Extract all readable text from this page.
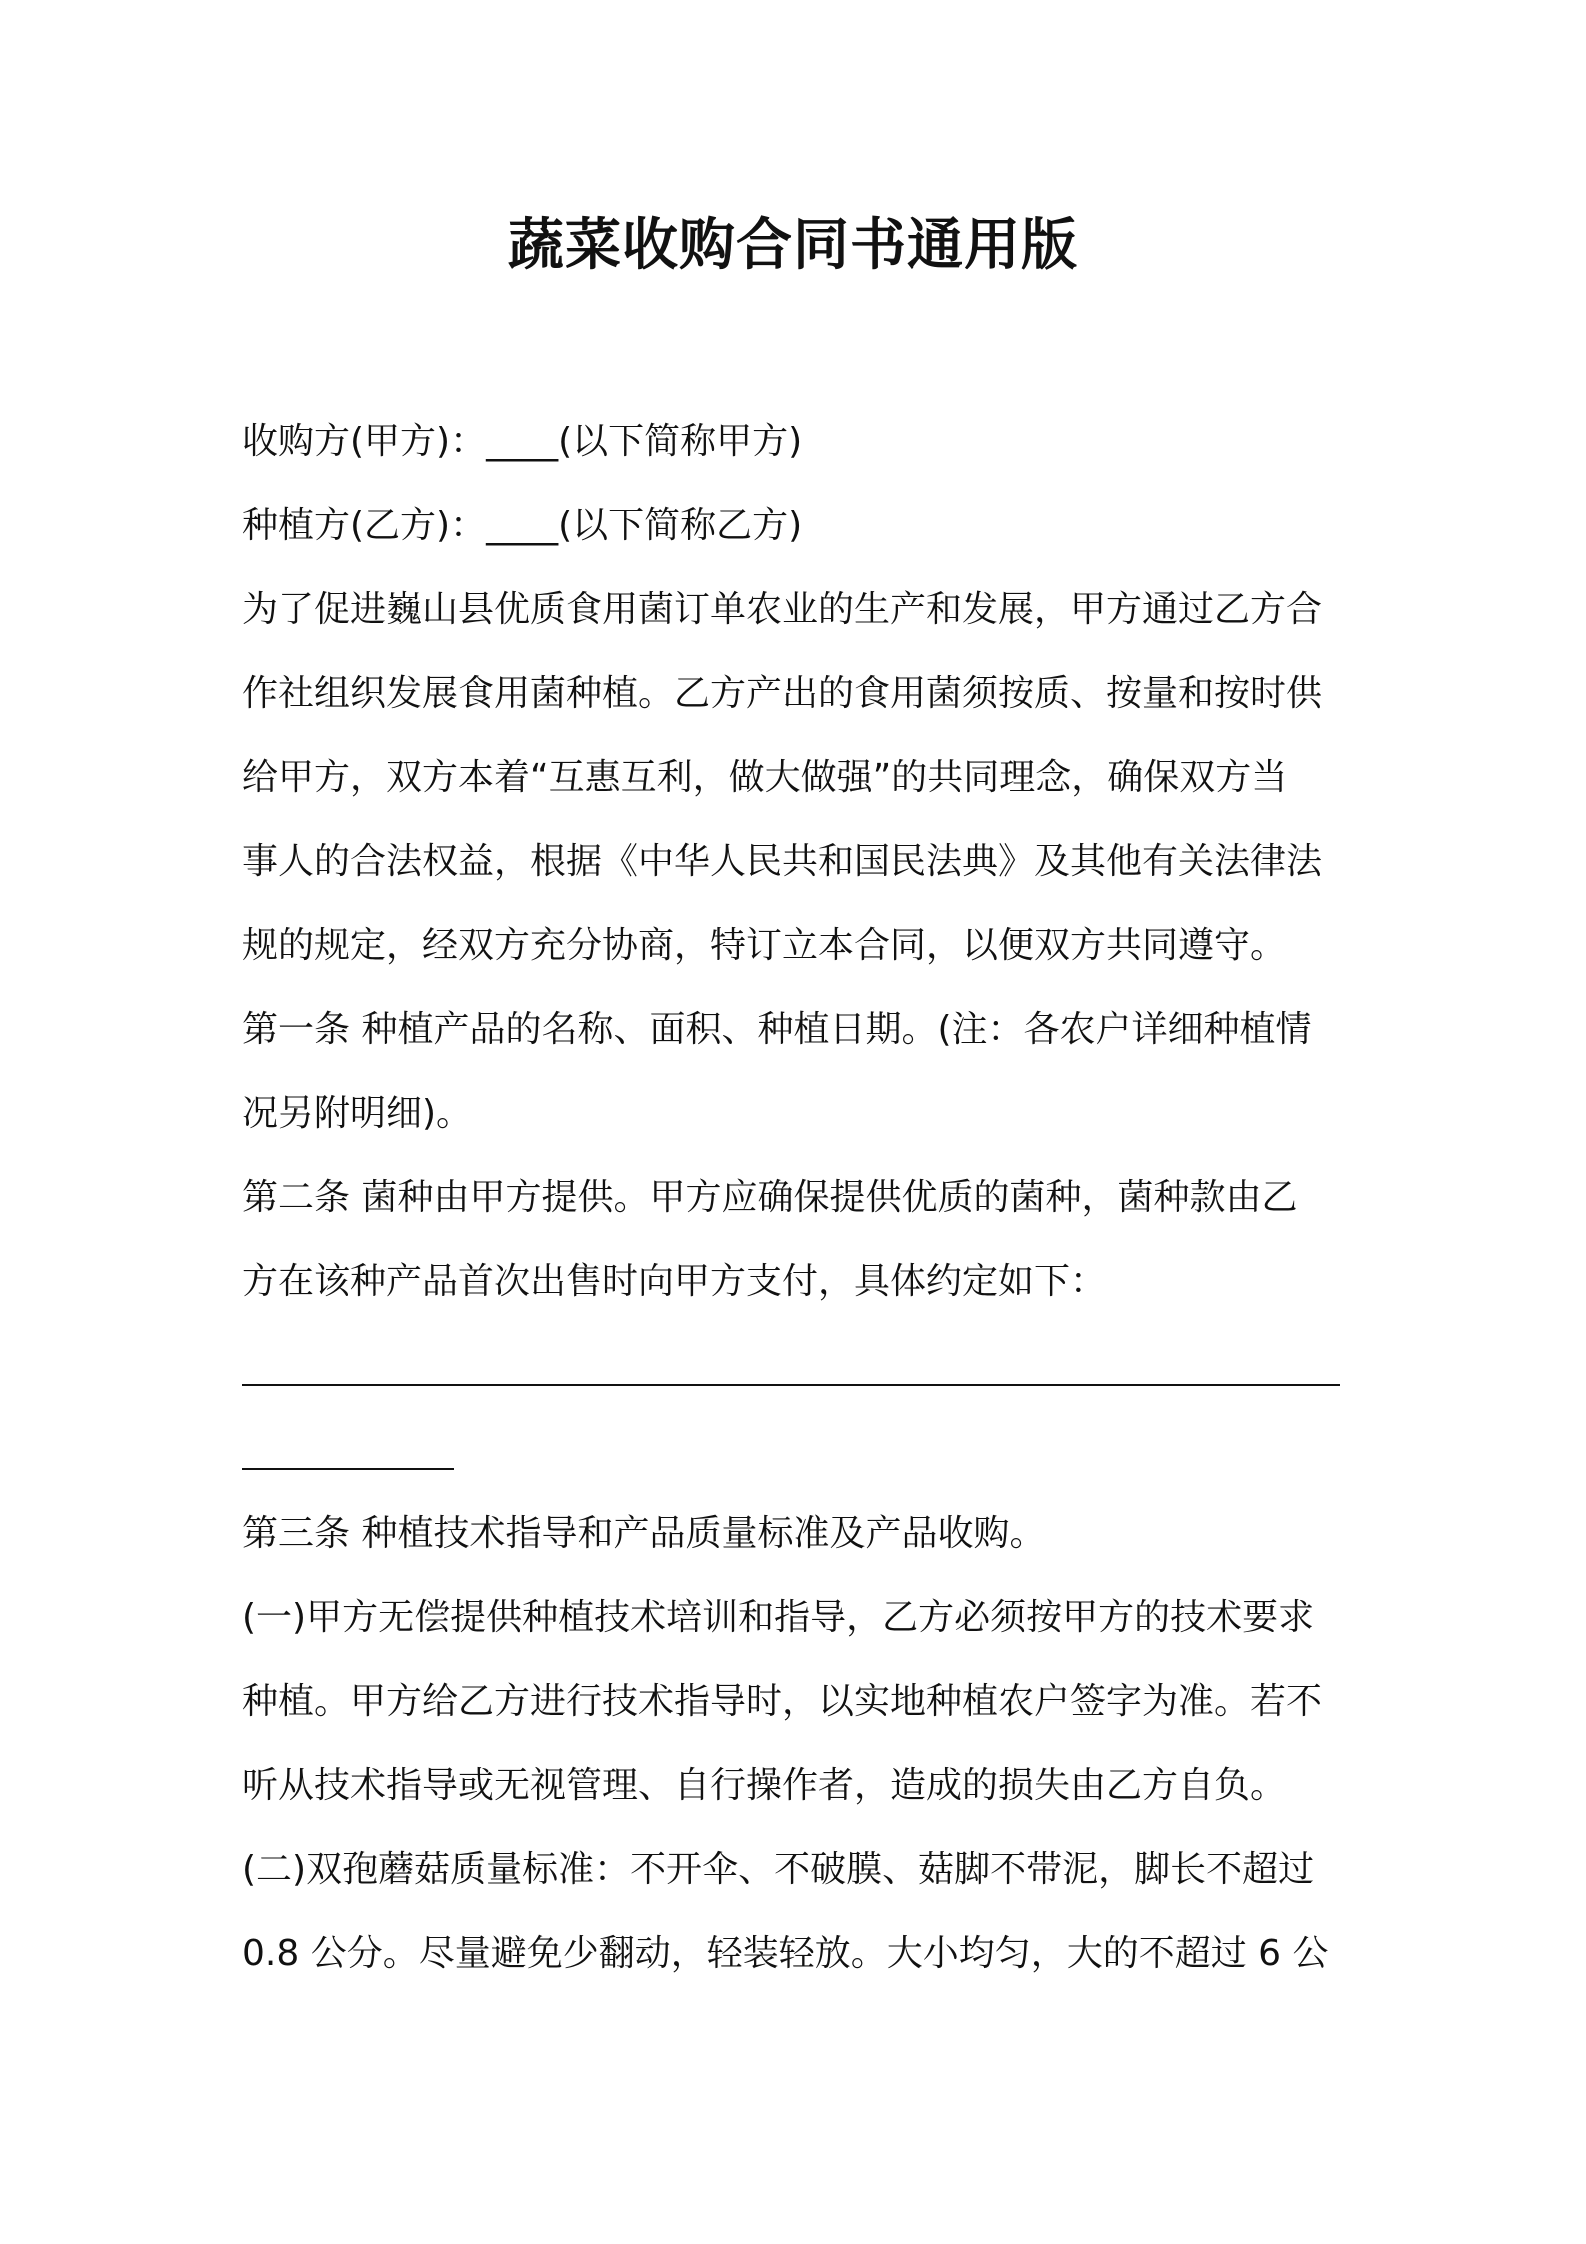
蔬菜收购合同书通用版
收购方(甲方)：____(以下简称甲方)
种植方(乙方)：____(以下简称乙方)
为了促进巍山县优质食用菌订单农业的生产和发展，甲方通过乙方合
作社组织发展食用菌种植。乙方产出的食用菌须按质、按量和按时供
给甲方，双方本着“互惠互利，做大做强”的共同理念，确保双方当
事人的合法权益，根据《中华人民共和国民法典》及其他有关法律法
规的规定，经双方充分协商，特订立本合同，以便双方共同遵守。
第一条 种植产品的名称、面积、种植日期。(注：各农户详细种植情
况另附明细)。
第二条 菌种由甲方提供。甲方应确保提供优质的菌种，菌种款由乙
方在该种产品首次出售时向甲方支付，具体约定如下：
第三条 种植技术指导和产品质量标准及产品收购。
(一)甲方无偿提供种植技术培训和指导，乙方必须按甲方的技术要求
种植。甲方给乙方进行技术指导时，以实地种植农户签字为准。若不
听从技术指导或无视管理、自行操作者，造成的损失由乙方自负。
(二)双孢蘑菇质量标准：不开伞、不破膜、菇脚不带泥，脚长不超过
0.8 公分。尽量避免少翻动，轻装轻放。大小均匀，大的不超过 6 公
